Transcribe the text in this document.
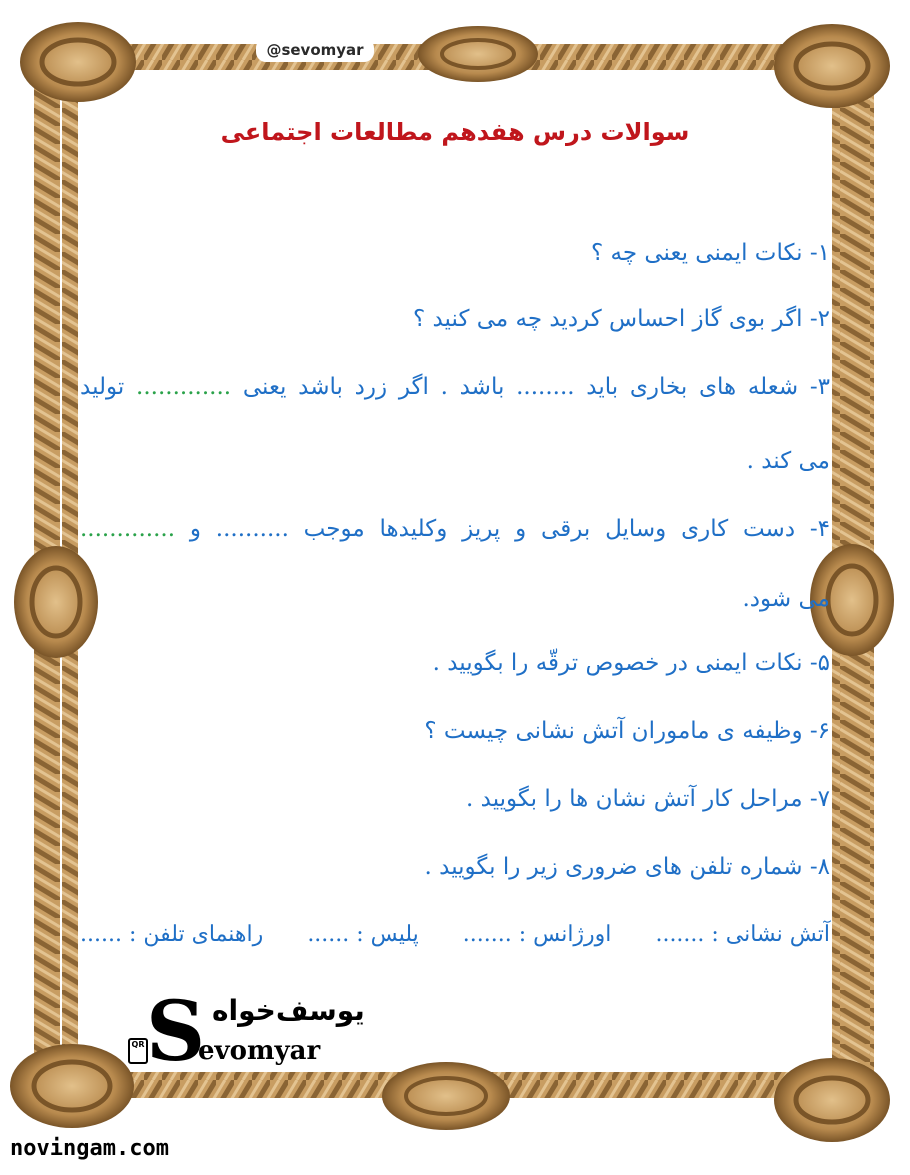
@sevomyar
سوالات درس هفدهم مطالعات اجتماعی
۱- نکات ایمنی یعنی چه ؟
۲- اگر بوی گاز احساس کردید چه می کنید ؟
۳- شعله های بخاری باید ........ باشد . اگر زرد باشد یعنی ............. تولید
می کند .
۴- دست کاری وسایل برقی و پریز وکلیدها موجب .......... و .............
می شود.
۵- نکات ایمنی در خصوص ترقّه را بگویید .
۶- وظیفه ی ماموران آتش نشانی چیست ؟
۷- مراحل کار آتش نشان ها را بگویید .
۸- شماره تلفن های ضروری زیر را بگویید .
آتش نشانی : .......
اورژانس : .......
پلیس : ......
راهنمای تلفن : ......
QR S یوسف‌خواه
evomyar
novingam.com
